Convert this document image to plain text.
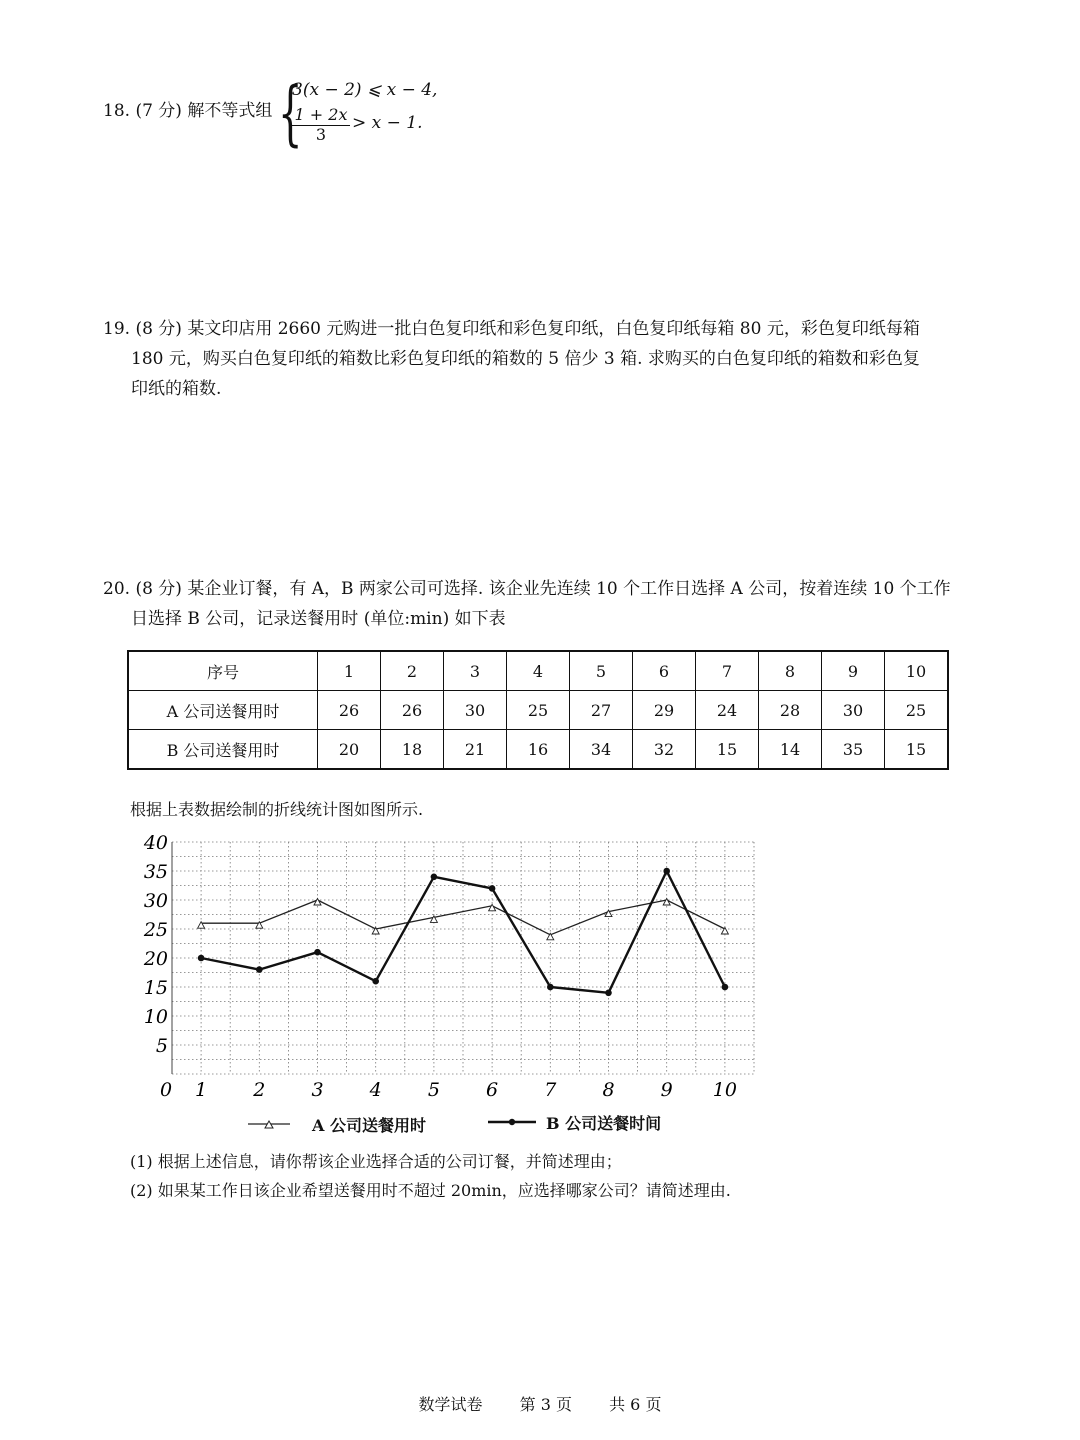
18. (7 分) 解不等式组 {
3(x − 2) ⩽ x − 4,
$\frac{1 + 2x}{3} > x - 1$.
19. (8 分) 某文印店用 2660 元购进一批白色复印纸和彩色复印纸，白色复印纸每箱 80 元，彩色复印纸每箱
180 元，购买白色复印纸的箱数比彩色复印纸的箱数的 5 倍少 3 箱. 求购买的白色复印纸的箱数和彩色复
印纸的箱数.
20. (8 分) 某企业订餐，有 A，B 两家公司可选择. 该企业先连续 10 个工作日选择 A 公司，按着连续 10 个工作
日选择 B 公司，记录送餐用时 (单位:min) 如下表
序号	1	2	3	4	5	6	7	8	9	10
A 公司送餐用时	26	26	30	25	27	29	24	28	30	25
B 公司送餐用时	20	18	21	16	34	32	15	14	35	15
根据上表数据绘制的折线统计图如图所示.
5
10
15
20
25
30
35
40
0 1 2 3 4 5 6 7 8 9 10
A 公司送餐用时	B 公司送餐时间
(1) 根据上述信息，请你帮该企业选择合适的公司订餐，并简述理由；
(2) 如果某工作日该企业希望送餐用时不超过 20min，应选择哪家公司？请简述理由.
数学试卷 第 3 页 共 6 页
